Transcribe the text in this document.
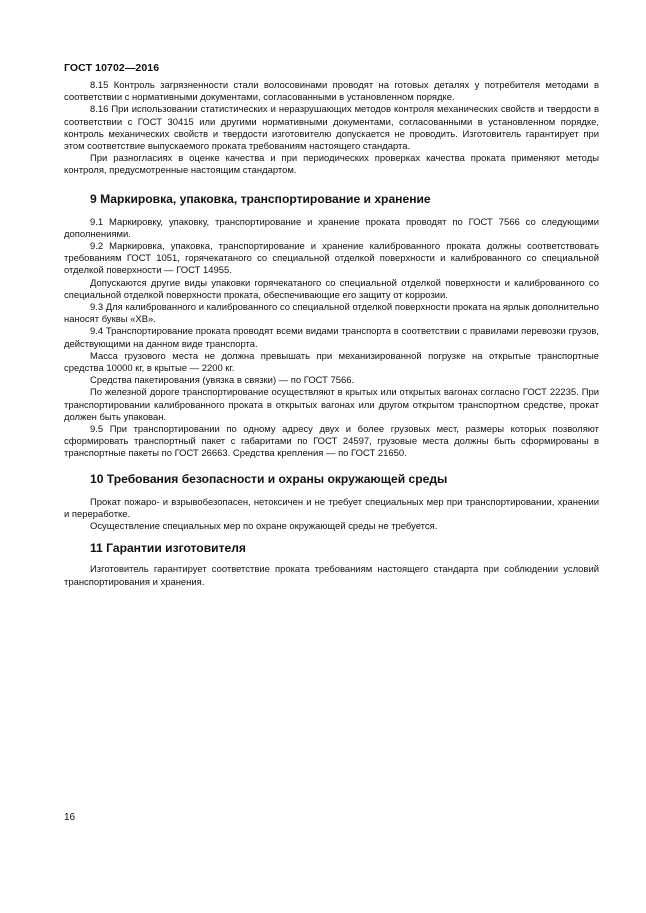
ГОСТ 10702—2016

8.15 Контроль загрязненности стали волосовинами проводят на готовых деталях у потребителя методами в соответствии с нормативными документами, согласованными в установленном порядке.

8.16 При использовании статистических и неразрушающих методов контроля механических свойств и твердости в соответствии с ГОСТ 30415 или другими нормативными документами, согласованными в установленном порядке, контроль механических свойств и твердости изготовителю допускается не проводить. Изготовитель гарантирует при этом соответствие выпускаемого проката требованиям настоящего стандарта.

При разногласиях в оценке качества и при периодических проверках качества проката применяют методы контроля, предусмотренные настоящим стандартом.

9 Маркировка, упаковка, транспортирование и хранение

9.1 Маркировку, упаковку, транспортирование и хранение проката проводят по ГОСТ 7566 со следующими дополнениями.

9.2 Маркировка, упаковка, транспортирование и хранение калиброванного проката должны соответствовать требованиям ГОСТ 1051, горячекатаного со специальной отделкой поверхности и калиброванного со специальной отделкой поверхности — ГОСТ 14955.

Допускаются другие виды упаковки горячекатаного со специальной отделкой поверхности и калиброванного со специальной отделкой поверхности проката, обеспечивающие его защиту от коррозии.

9.3 Для калиброванного и калиброванного со специальной отделкой поверхности проката на ярлык дополнительно наносят буквы «ХВ».

9.4 Транспортирование проката проводят всеми видами транспорта в соответствии с правилами перевозки грузов, действующими на данном виде транспорта.

Масса грузового места не должна превышать при механизированной погрузке на открытые транспортные средства 10000 кг, в крытые — 2200 кг.

Средства пакетирования (увязка в связки) — по ГОСТ 7566.

По железной дороге транспортирование осуществляют в крытых или открытых вагонах согласно ГОСТ 22235. При транспортировании калиброванного проката в открытых вагонах или другом открытом транспортном средстве, прокат должен быть упакован.

9.5 При транспортировании по одному адресу двух и более грузовых мест, размеры которых позволяют сформировать транспортный пакет с габаритами по ГОСТ 24597, грузовые места должны быть сформированы в транспортные пакеты по ГОСТ 26663. Средства крепления — по ГОСТ 21650.

10 Требования безопасности и охраны окружающей среды

Прокат пожаро- и взрывобезопасен, нетоксичен и не требует специальных мер при транспортировании, хранении и переработке.

Осуществление специальных мер по охране окружающей среды не требуется.

11 Гарантии изготовителя

Изготовитель гарантирует соответствие проката требованиям настоящего стандарта при соблюдении условий транспортирования и хранения.

16
